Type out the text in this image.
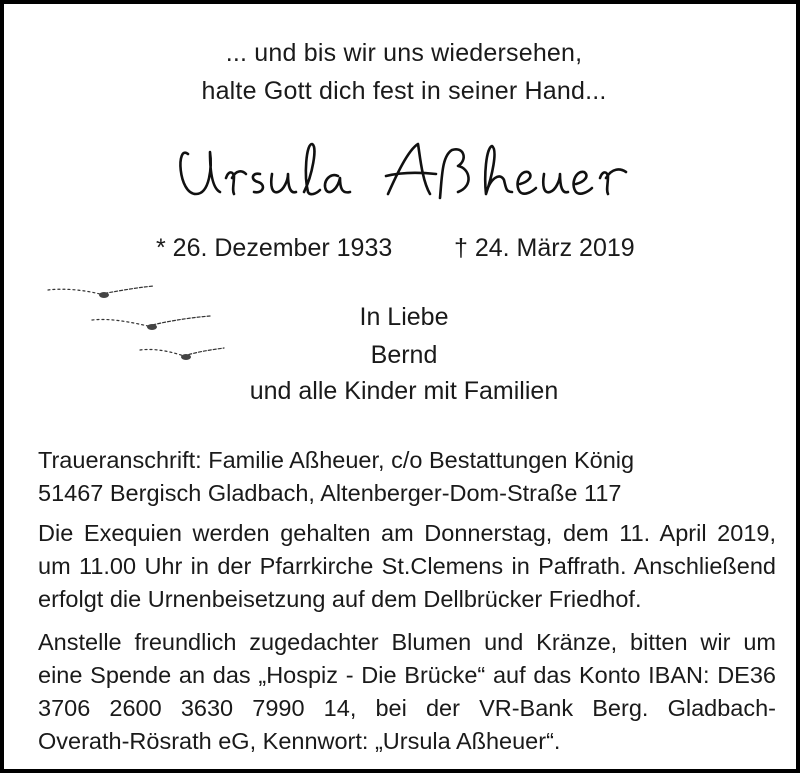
... und bis wir uns wiedersehen,
halte Gott dich fest in seiner Hand...
* 26. Dezember 1933 † 24. März 2019
In Liebe
Bernd
und alle Kinder mit Familien
Traueranschrift: Familie Aßheuer, c/o Bestattungen König
51467 Bergisch Gladbach, Altenberger-Dom-Straße 117
Die Exequien werden gehalten am Donnerstag, dem 11. April 2019,
um 11.00 Uhr in der Pfarrkirche St.Clemens in Paffrath. Anschließend
erfolgt die Urnenbeisetzung auf dem Dellbrücker Friedhof.
Anstelle freundlich zugedachter Blumen und Kränze, bitten wir um
eine Spende an das „Hospiz - Die Brücke“ auf das Konto IBAN: DE36
3706 2600 3630 7990 14, bei der VR-Bank Berg. Gladbach-
Overath-Rösrath eG, Kennwort: „Ursula Aßheuer“.
